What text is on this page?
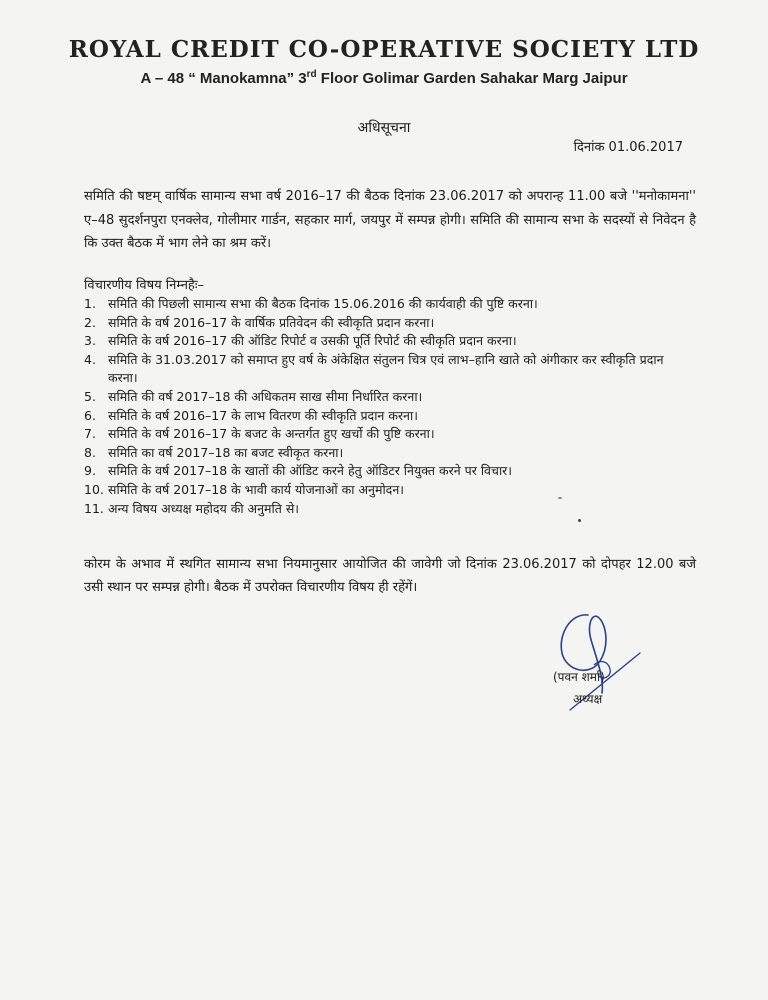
ROYAL CREDIT CO-OPERATIVE SOCIETY LTD
A – 48 “ Manokamna” 3rd Floor Golimar Garden Sahakar Marg Jaipur
अधिसूचना
दिनांक 01.06.2017
समिति की षष्टम् वार्षिक सामान्य सभा वर्ष 2016–17 की बैठक दिनांक 23.06.2017 को अपरान्ह 11.00 बजे ''मनोकामना'' ए–48 सुदर्शनपुरा एनक्लेव, गोलीमार गार्डन, सहकार मार्ग, जयपुर में सम्पन्न होगी। समिति की सामान्य सभा के सदस्यों से निवेदन है कि उक्त बैठक में भाग लेने का श्रम करें।
विचारणीय विषय निम्नहैः–
1. समिति की पिछली सामान्य सभा की बैठक दिनांक 15.06.2016 की कार्यवाही की पुष्टि करना।
2. समिति के वर्ष 2016–17 के वार्षिक प्रतिवेदन की स्वीकृति प्रदान करना।
3. समिति के वर्ष 2016–17 की ऑडिट रिपोर्ट व उसकी पूर्ति रिपोर्ट की स्वीकृति प्रदान करना।
4. समिति के 31.03.2017 को समाप्त हुए वर्ष के अंकेक्षित संतुलन चित्र एवं लाभ–हानि खाते को अंगीकार कर स्वीकृति प्रदान करना।
5. समिति की वर्ष 2017–18 की अधिकतम साख सीमा निर्धारित करना।
6. समिति के वर्ष 2016–17 के लाभ वितरण की स्वीकृति प्रदान करना।
7. समिति के वर्ष 2016–17 के बजट के अन्तर्गत हुए खर्चो की पुष्टि करना।
8. समिति का वर्ष 2017–18 का बजट स्वीकृत करना।
9. समिति के वर्ष 2017–18 के खातों की ऑडिट करने हेतु ऑडिटर नियुक्त करने पर विचार।
10. समिति के वर्ष 2017–18 के भावी कार्य योजनाओं का अनुमोदन।
11. अन्य विषय अध्यक्ष महोदय की अनुमति से।
कोरम के अभाव में स्थगित सामान्य सभा नियमानुसार आयोजित की जावेगी जो दिनांक 23.06.2017 को दोपहर 12.00 बजे उसी स्थान पर सम्पन्न होगी। बैठक में उपरोक्त विचारणीय विषय ही रहेंगें।
(पवन शर्मा)
अध्यक्ष
